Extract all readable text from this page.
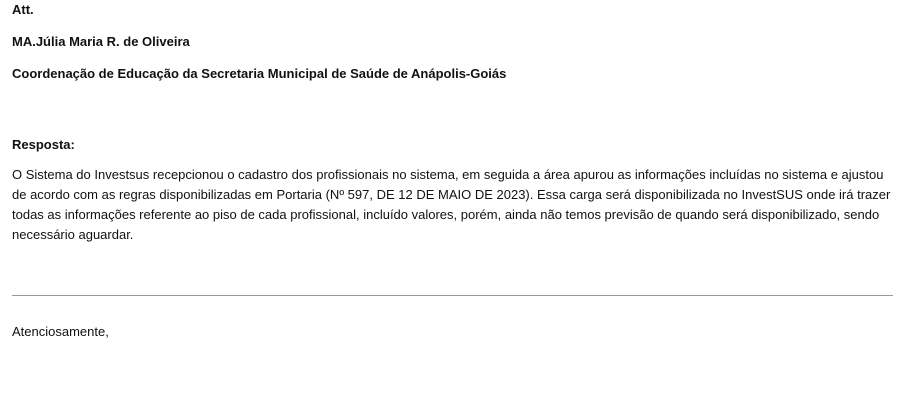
Att.

MA.Júlia Maria R. de Oliveira

Coordenação de Educação da Secretaria Municipal de Saúde de Anápolis-Goiás

Resposta:

O Sistema do Investsus recepcionou o cadastro dos profissionais no sistema, em seguida a área apurou as informações incluídas no sistema e ajustou de acordo com as regras disponibilizadas em Portaria (Nº 597, DE 12 DE MAIO DE 2023). Essa carga será disponibilizada no InvestSUS onde irá trazer todas as informações referente ao piso de cada profissional, incluído valores, porém, ainda não temos previsão de quando será disponibilizado, sendo necessário aguardar.

Atenciosamente,
